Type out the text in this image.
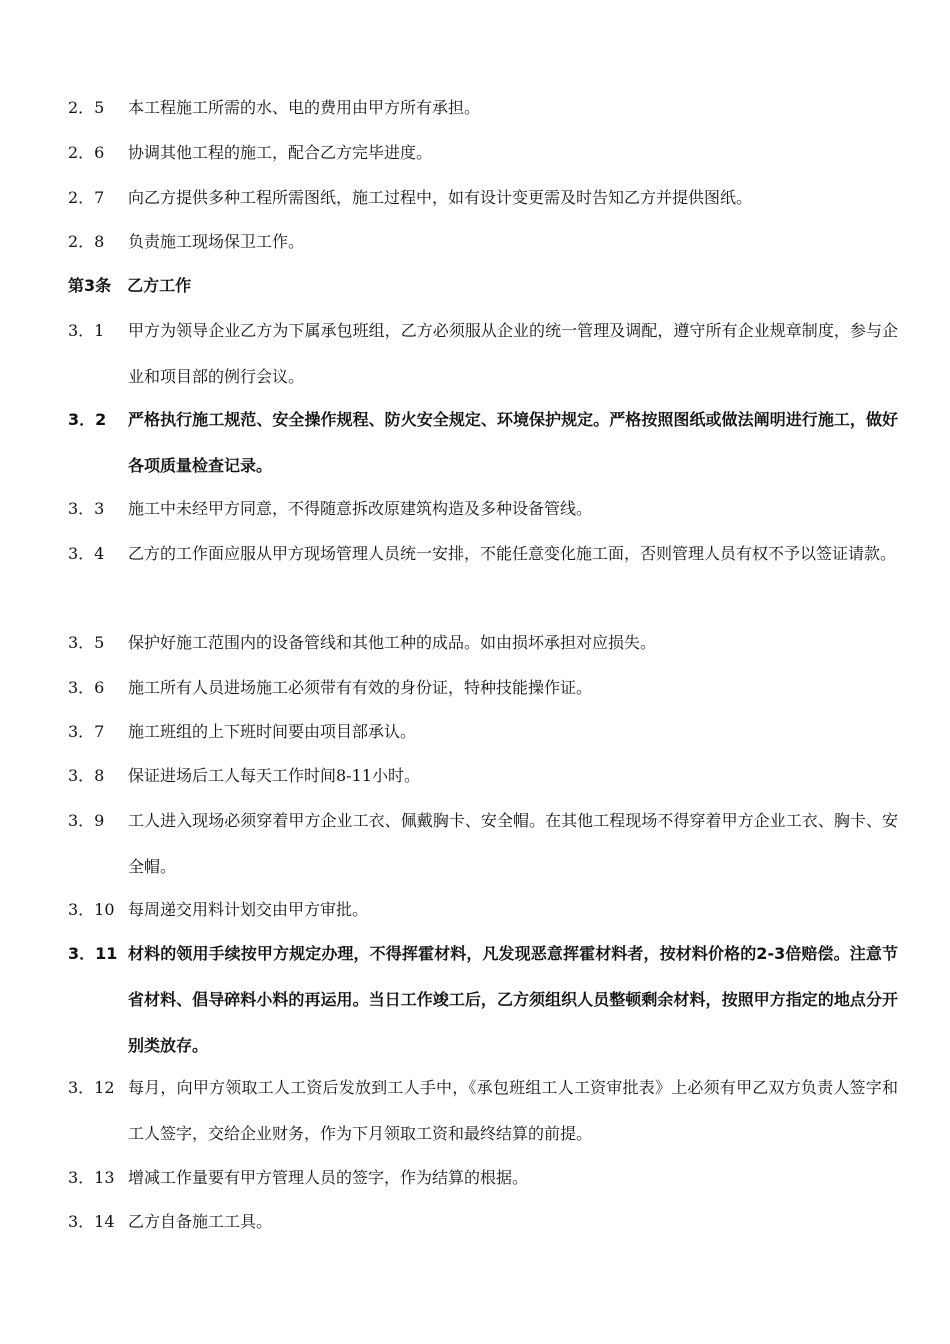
2．5	本工程施工所需的水、电的费用由甲方所有承担。
2．6	协调其他工程的施工，配合乙方完毕进度。
2．7	向乙方提供多种工程所需图纸，施工过程中，如有设计变更需及时告知乙方并提供图纸。
2．8	负责施工现场保卫工作。
第3条　乙方工作
3．1	甲方为领导企业乙方为下属承包班组，乙方必须服从企业的统一管理及调配，遵守所有企业规章制度，参与企业和项目部的例行会议。
3．2	严格执行施工规范、安全操作规程、防火安全规定、环境保护规定。严格按照图纸或做法阐明进行施工，做好各项质量检查记录。
3．3	施工中未经甲方同意，不得随意拆改原建筑构造及多种设备管线。
3．4	乙方的工作面应服从甲方现场管理人员统一安排，不能任意变化施工面，否则管理人员有权不予以签证请款。
3．5	保护好施工范围内的设备管线和其他工种的成品。如由损坏承担对应损失。
3．6	施工所有人员进场施工必须带有有效的身份证，特种技能操作证。
3．7	施工班组的上下班时间要由项目部承认。
3．8	保证进场后工人每天工作时间8-11小时。
3．9	工人进入现场必须穿着甲方企业工衣、佩戴胸卡、安全帽。在其他工程现场不得穿着甲方企业工衣、胸卡、安全帽。
3．10 每周递交用料计划交由甲方审批。
3．11 材料的领用手续按甲方规定办理，不得挥霍材料，凡发现恶意挥霍材料者，按材料价格的2-3倍赔偿。注意节省材料、倡导碎料小料的再运用。当日工作竣工后，乙方须组织人员整顿剩余材料，按照甲方指定的地点分开别类放存。
3．12 每月，向甲方领取工人工资后发放到工人手中，《承包班组工人工资审批表》上必须有甲乙双方负责人签字和工人签字，交给企业财务，作为下月领取工资和最终结算的前提。
3．13 增减工作量要有甲方管理人员的签字，作为结算的根据。
3．14 乙方自备施工工具。
